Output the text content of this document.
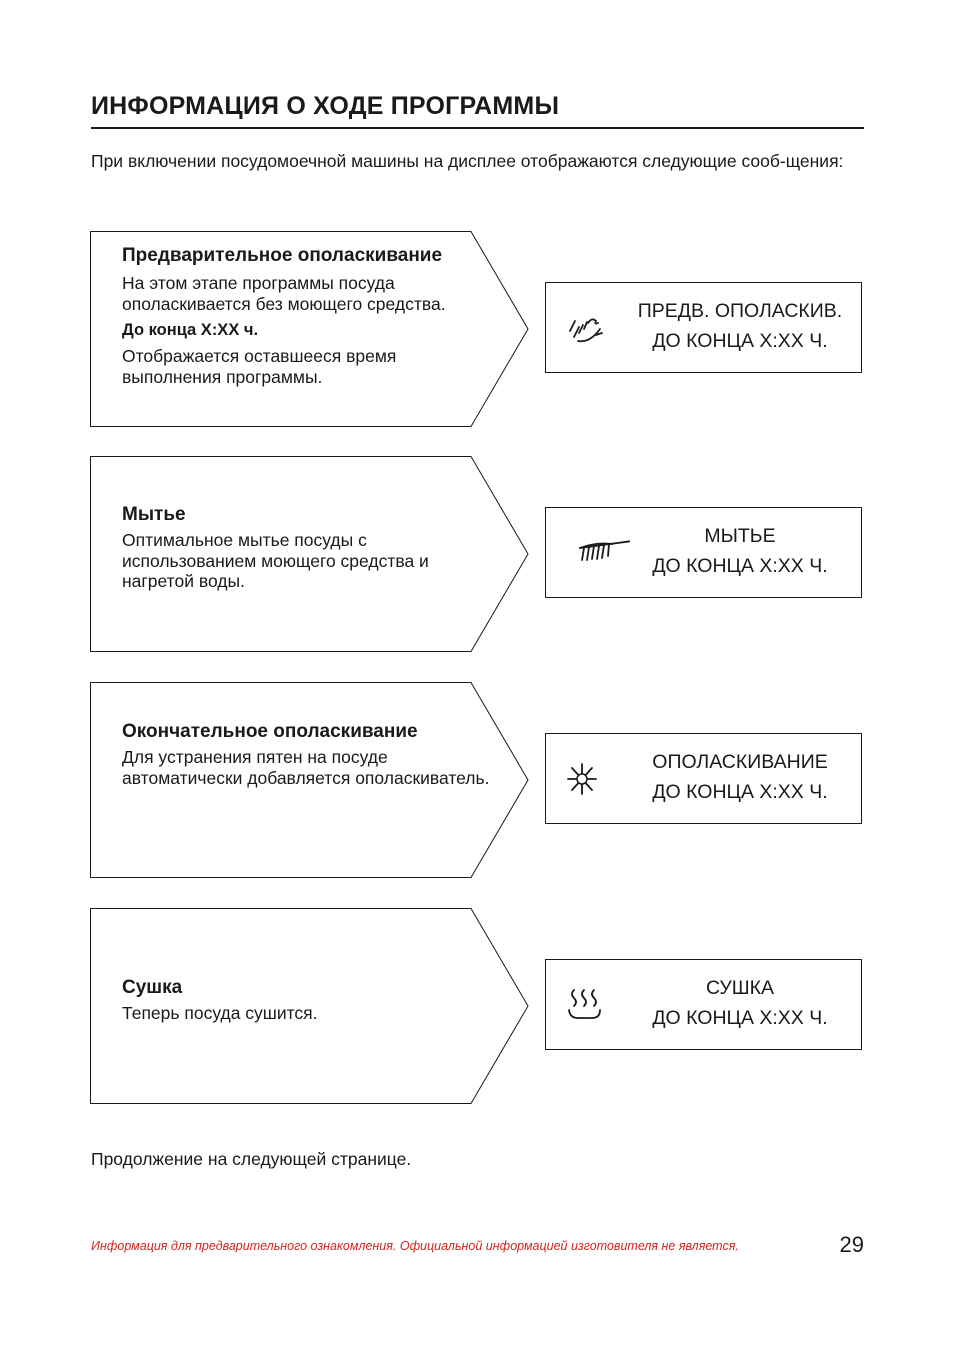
ИНФОРМАЦИЯ О ХОДЕ ПРОГРАММЫ

При включении посудомоечной машины на дисплее отображаются следующие сооб-щения:

Предварительное ополаскивание

На этом этапе программы посуда ополаскивается без моющего средства.

До конца X:XX ч.

Отображается оставшееся время выполнения программы.

ПРЕДВ. ОПОЛАСКИВ.
ДО КОНЦА X:XX Ч.
Мытье

Оптимальное мытье посуды с использованием моющего средства и нагретой воды.

МЫТЬЕ
ДО КОНЦА X:XX Ч.
Окончательное ополаскивание

Для устранения пятен на посуде автоматически добавляется ополаскиватель.

ОПОЛАСКИВАНИЕ
ДО КОНЦА X:XX Ч.
Сушка

Теперь посуда сушится.

СУШКА
ДО КОНЦА X:XX Ч.

Продолжение на следующей странице.

Информация для предварительного ознакомления. Официальной информацией изготовителя не является.	29
